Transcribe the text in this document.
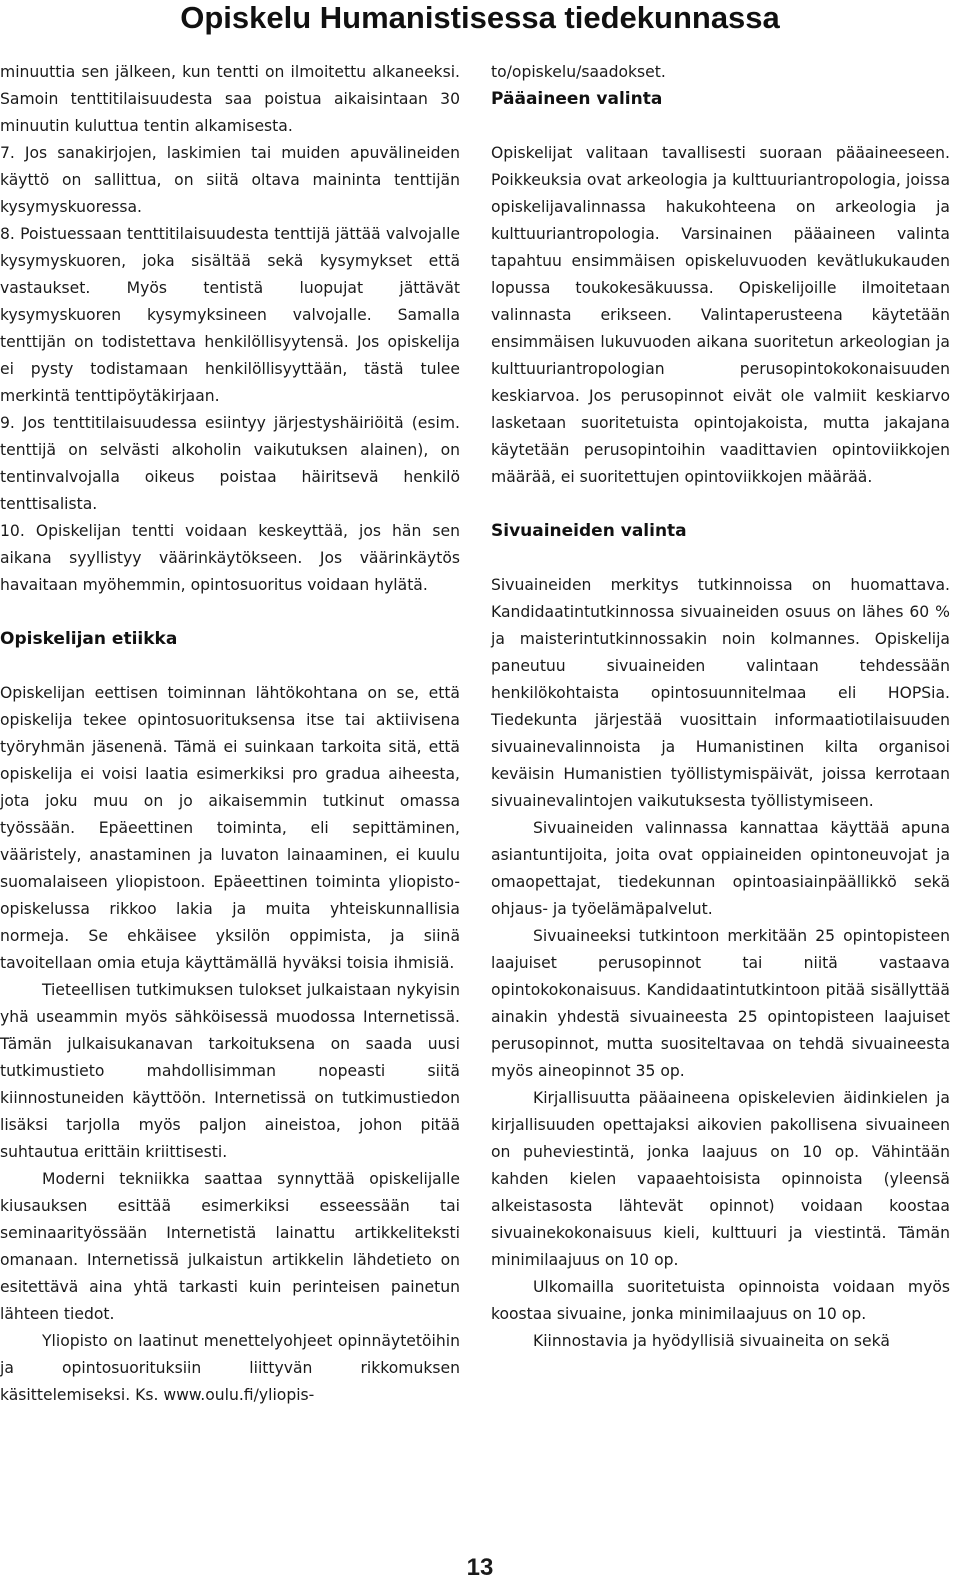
Opiskelu Humanistisessa tiedekunnassa

minuuttia sen jälkeen, kun tentti on ilmoitettu alkaneeksi. Samoin tenttitilaisuudesta saa poistua aikaisintaan 30 minuutin kuluttua tentin alkamisesta.

7. Jos sanakirjojen, laskimien tai muiden apuvälineiden käyttö on sallittua, on siitä oltava maininta tenttijän kysymyskuoressa.

8. Poistuessaan tenttitilaisuudesta tenttijä jättää valvojalle kysymyskuoren, joka sisältää sekä kysymykset että vastaukset. Myös tentistä luopujat jättävät kysymyskuoren kysymyksineen valvojalle. Samalla tenttijän on todistettava henkilöllisyytensä. Jos opiskelija ei pysty todistamaan henkilöllisyyttään, tästä tulee merkintä tenttipöytäkirjaan.

9. Jos tenttitilaisuudessa esiintyy järjestyshäiriöitä (esim. tenttijä on selvästi alkoholin vaikutuksen alainen), on tentinvalvojalla oikeus poistaa häiritsevä henkilö tenttisalista.

10. Opiskelijan tentti voidaan keskeyttää, jos hän sen aikana syyllistyy väärinkäytökseen. Jos väärinkäytös havaitaan myöhemmin, opintosuoritus voidaan hylätä.

Opiskelijan etiikka

Opiskelijan eettisen toiminnan lähtökohtana on se, että opiskelija tekee opintosuorituksensa itse tai aktiivisena työryhmän jäsenenä. Tämä ei suinkaan tarkoita sitä, että opiskelija ei voisi laatia esimerkiksi pro gradua aiheesta, jota joku muu on jo aikaisemmin tutkinut omassa työssään. Epäeettinen toiminta, eli sepittäminen, vääristely, anastaminen ja luvaton lainaaminen, ei kuulu suomalaiseen yliopistoon. Epäeettinen toiminta yliopisto-opiskelussa rikkoo lakia ja muita yhteiskunnallisia normeja. Se ehkäisee yksilön oppimista, ja siinä tavoitellaan omia etuja käyttämällä hyväksi toisia ihmisiä.

Tieteellisen tutkimuksen tulokset julkaistaan nykyisin yhä useammin myös sähköisessä muodossa Internetissä. Tämän julkaisukanavan tarkoituksena on saada uusi tutkimustieto mahdollisimman nopeasti siitä kiinnostuneiden käyttöön. Internetissä on tutkimustiedon lisäksi tarjolla myös paljon aineistoa, johon pitää suhtautua erittäin kriittisesti.

Moderni tekniikka saattaa synnyttää opiskelijalle kiusauksen esittää esimerkiksi esseessään tai seminaarityössään Internetistä lainattu artikkeliteksti omanaan. Internetissä julkaistun artikkelin lähdetieto on esitettävä aina yhtä tarkasti kuin perinteisen painetun lähteen tiedot.

Yliopisto on laatinut menettelyohjeet opinnäytetöihin ja opintosuorituksiin liittyvän rikkomuksen käsittelemiseksi. Ks. www.oulu.fi/yliopis-

to/opiskelu/saadokset.

Pääaineen valinta

Opiskelijat valitaan tavallisesti suoraan pääaineeseen. Poikkeuksia ovat arkeologia ja kulttuuriantropologia, joissa opiskelijavalinnassa hakukohteena on arkeologia ja kulttuuriantropologia. Varsinainen pääaineen valinta tapahtuu ensimmäisen opiskeluvuoden kevätlukukauden lopussa toukokesäkuussa. Opiskelijoille ilmoitetaan valinnasta erikseen. Valintaperusteena käytetään ensimmäisen lukuvuoden aikana suoritetun arkeologian ja kulttuuriantropologian perusopintokokonaisuuden keskiarvoa. Jos perusopinnot eivät ole valmiit keskiarvo lasketaan suoritetuista opintojakoista, mutta jakajana käytetään perusopintoihin vaadittavien opintoviikkojen määrää, ei suoritettujen opintoviikkojen määrää.

Sivuaineiden valinta

Sivuaineiden merkitys tutkinnoissa on huomattava. Kandidaatintutkinnossa sivuaineiden osuus on lähes 60 % ja maisterintutkinnossakin noin kolmannes. Opiskelija paneutuu sivuaineiden valintaan tehdessään henkilökohtaista opintosuunnitelmaa eli HOPSia. Tiedekunta järjestää vuosittain informaatiotilaisuuden sivuainevalinnoista ja Humanistinen kilta organisoi keväisin Humanistien työllistymispäivät, joissa kerrotaan sivuainevalintojen vaikutuksesta työllistymiseen.

Sivuaineiden valinnassa kannattaa käyttää apuna asiantuntijoita, joita ovat oppiaineiden opintoneuvojat ja omaopettajat, tiedekunnan opintoasiainpäällikkö sekä ohjaus- ja työelämäpalvelut.

Sivuaineeksi tutkintoon merkitään 25 opintopisteen laajuiset perusopinnot tai niitä vastaava opintokokonaisuus. Kandidaatintutkintoon pitää sisällyttää ainakin yhdestä sivuaineesta 25 opintopisteen laajuiset perusopinnot, mutta suositeltavaa on tehdä sivuaineesta myös aineopinnot 35 op.

Kirjallisuutta pääaineena opiskelevien äidinkielen ja kirjallisuuden opettajaksi aikovien pakollisena sivuaineen on puheviestintä, jonka laajuus on 10 op. Vähintään kahden kielen vapaaehtoisista opinnoista (yleensä alkeistasosta lähtevät opinnot) voidaan koostaa sivuainekokonaisuus kieli, kulttuuri ja viestintä. Tämän minimilaajuus on 10 op.

Ulkomailla suoritetuista opinnoista voidaan myös koostaa sivuaine, jonka minimilaajuus on 10 op.

Kiinnostavia ja hyödyllisiä sivuaineita on sekä

13
